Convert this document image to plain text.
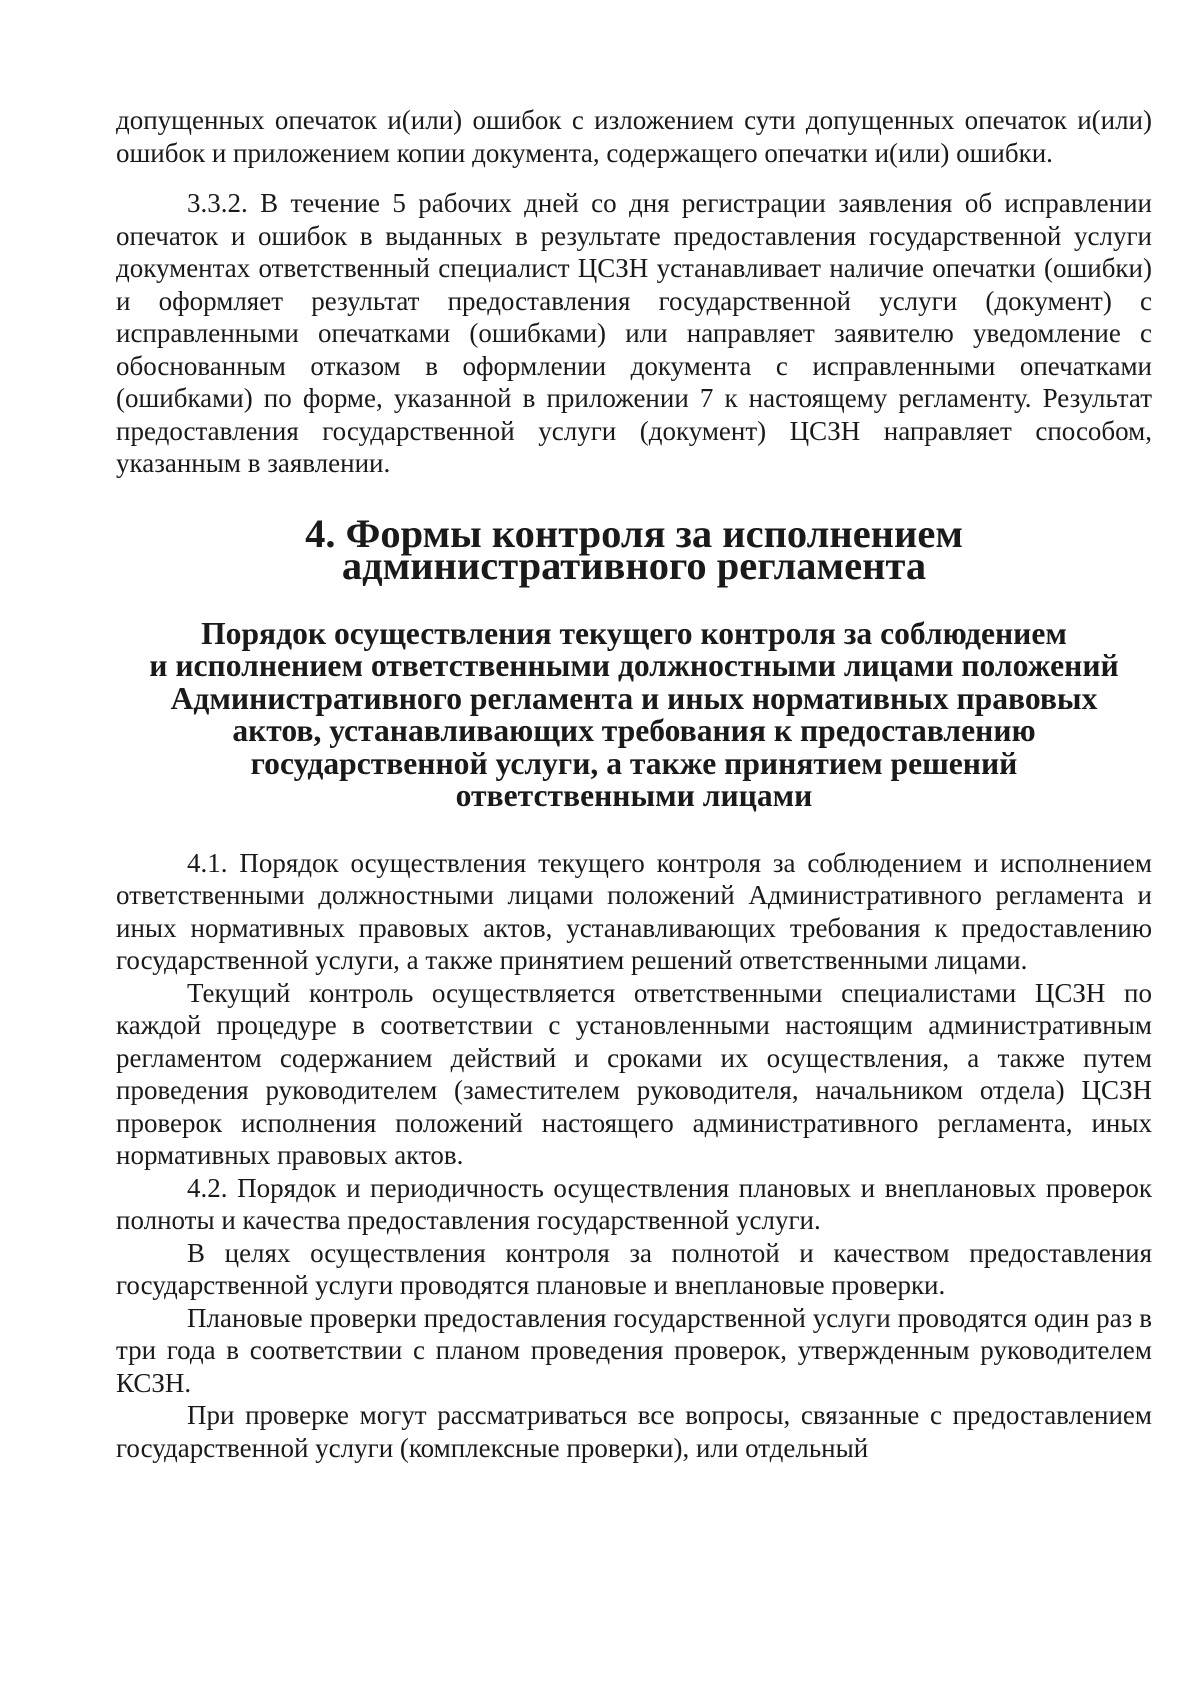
допущенных опечаток и(или) ошибок с изложением сути допущенных опечаток и(или) ошибок и приложением копии документа, содержащего опечатки и(или) ошибки.

3.3.2. В течение 5 рабочих дней со дня регистрации заявления об исправлении опечаток и ошибок в выданных в результате предоставления государственной услуги документах ответственный специалист ЦСЗН устанавливает наличие опечатки (ошибки) и оформляет результат предоставления государственной услуги (документ) с исправленными опечатками (ошибками) или направляет заявителю уведомление с обоснованным отказом в оформлении документа с исправленными опечатками (ошибками) по форме, указанной в приложении 7 к настоящему регламенту. Результат предоставления государственной услуги (документ) ЦСЗН направляет способом, указанным в заявлении.

4. Формы контроля за исполнением
административного регламента
Порядок осуществления текущего контроля за соблюдением
и исполнением ответственными должностными лицами положений
Административного регламента и иных нормативных правовых
актов, устанавливающих требования к предоставлению
государственной услуги, а также принятием решений
ответственными лицами

4.1. Порядок осуществления текущего контроля за соблюдением и исполнением ответственными должностными лицами положений Административного регламента и иных нормативных правовых актов, устанавливающих требования к предоставлению государственной услуги, а также принятием решений ответственными лицами.

Текущий контроль осуществляется ответственными специалистами ЦСЗН по каждой процедуре в соответствии с установленными настоящим административным регламентом содержанием действий и сроками их осуществления, а также путем проведения руководителем (заместителем руководителя, начальником отдела) ЦСЗН проверок исполнения положений настоящего административного регламента, иных нормативных правовых актов.

4.2. Порядок и периодичность осуществления плановых и внеплановых проверок полноты и качества предоставления государственной услуги.

В целях осуществления контроля за полнотой и качеством предоставления государственной услуги проводятся плановые и внеплановые проверки.

Плановые проверки предоставления государственной услуги проводятся один раз в три года в соответствии с планом проведения проверок, утвержденным руководителем КСЗН.

При проверке могут рассматриваться все вопросы, связанные с предоставлением государственной услуги (комплексные проверки), или отдельный
